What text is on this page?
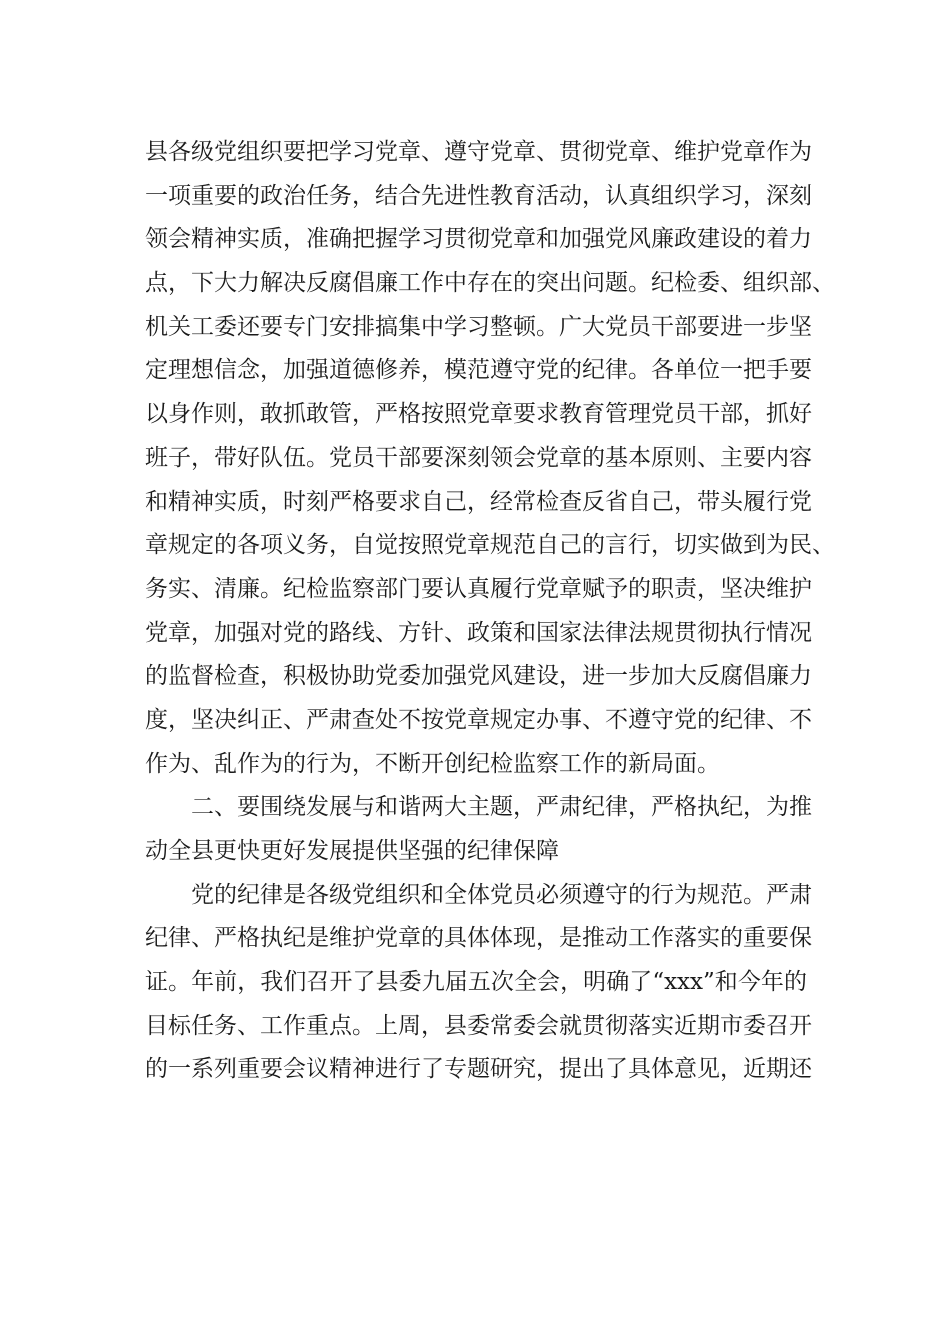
县各级党组织要把学习党章、遵守党章、贯彻党章、维护党章作为
一项重要的政治任务，结合先进性教育活动，认真组织学习，深刻
领会精神实质，准确把握学习贯彻党章和加强党风廉政建设的着力
点，下大力解决反腐倡廉工作中存在的突出问题。纪检委、组织部、
机关工委还要专门安排搞集中学习整顿。广大党员干部要进一步坚
定理想信念，加强道德修养，模范遵守党的纪律。各单位一把手要
以身作则，敢抓敢管，严格按照党章要求教育管理党员干部，抓好
班子，带好队伍。党员干部要深刻领会党章的基本原则、主要内容
和精神实质，时刻严格要求自己，经常检查反省自己，带头履行党
章规定的各项义务，自觉按照党章规范自己的言行，切实做到为民、
务实、清廉。纪检监察部门要认真履行党章赋予的职责，坚决维护
党章，加强对党的路线、方针、政策和国家法律法规贯彻执行情况
的监督检查，积极协助党委加强党风建设，进一步加大反腐倡廉力
度，坚决纠正、严肃查处不按党章规定办事、不遵守党的纪律、不
作为、乱作为的行为，不断开创纪检监察工作的新局面。
二、要围绕发展与和谐两大主题，严肃纪律，严格执纪，为推
动全县更快更好发展提供坚强的纪律保障
党的纪律是各级党组织和全体党员必须遵守的行为规范。严肃
纪律、严格执纪是维护党章的具体体现，是推动工作落实的重要保
证。年前，我们召开了县委九届五次全会，明确了“xxx”和今年的
目标任务、工作重点。上周，县委常委会就贯彻落实近期市委召开
的一系列重要会议精神进行了专题研究，提出了具体意见，近期还
